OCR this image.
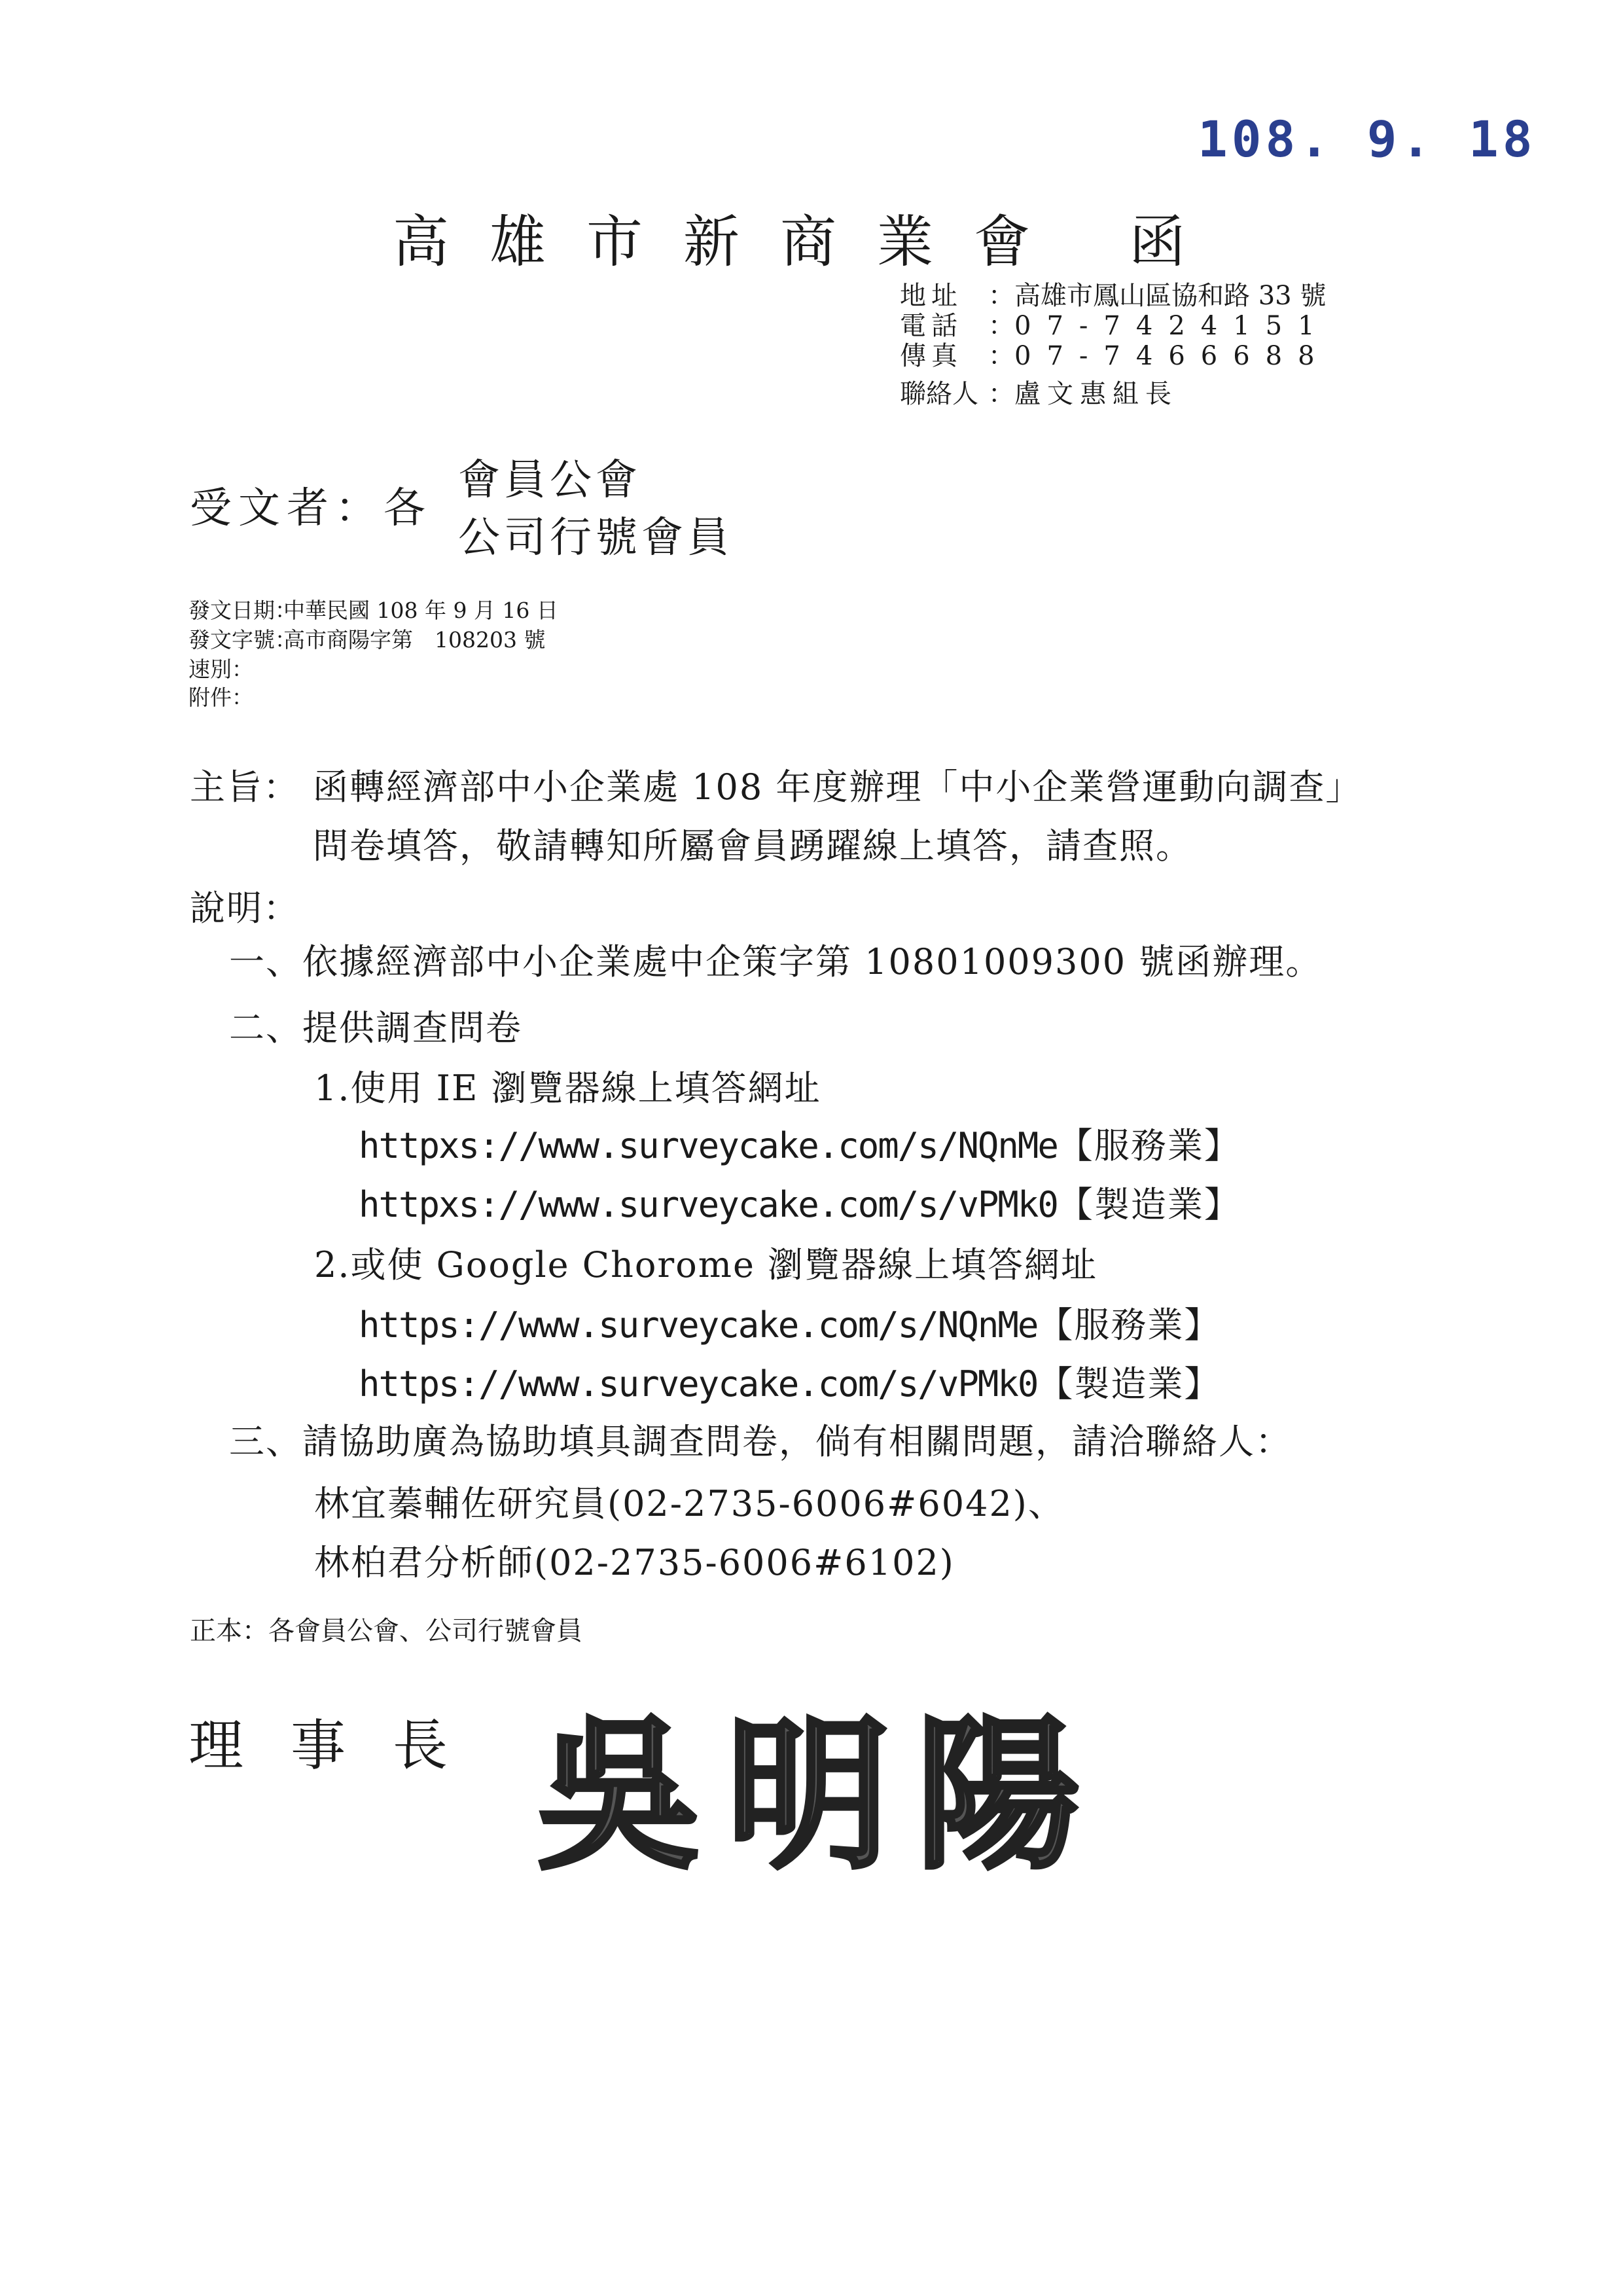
108. 9. 18
高雄市新商業會 函
地址 ：高雄市鳳山區協和路 33 號
電話 ：07-7424151
傳真 ：07-7466688
聯絡人 ：盧文惠組長
受文者：各
會員公會
公司行號會員
發文日期：中華民國 108 年 9 月 16 日
發文字號：高市商陽字第　108203 號
速別：
附件：
主旨： 函轉經濟部中小企業處 108 年度辦理「中小企業營運動向調查」
問卷填答，敬請轉知所屬會員踴躍線上填答，請查照。
說明：
一、依據經濟部中小企業處中企策字第 10801009300 號函辦理。
二、提供調查問卷
1.使用 IE 瀏覽器線上填答網址
httpxs://www.surveycake.com/s/NQnMe【服務業】
httpxs://www.surveycake.com/s/vPMk0【製造業】
2.或使 Google Chorome 瀏覽器線上填答網址
https://www.surveycake.com/s/NQnMe【服務業】
https://www.surveycake.com/s/vPMk0【製造業】
三、請協助廣為協助填具調查問卷，倘有相關問題，請洽聯絡人：
林宜蓁輔佐研究員(02-2735-6006#6042)、
林柏君分析師(02-2735-6006#6102)
正本：各會員公會、公司行號會員
理事長 吳明陽
